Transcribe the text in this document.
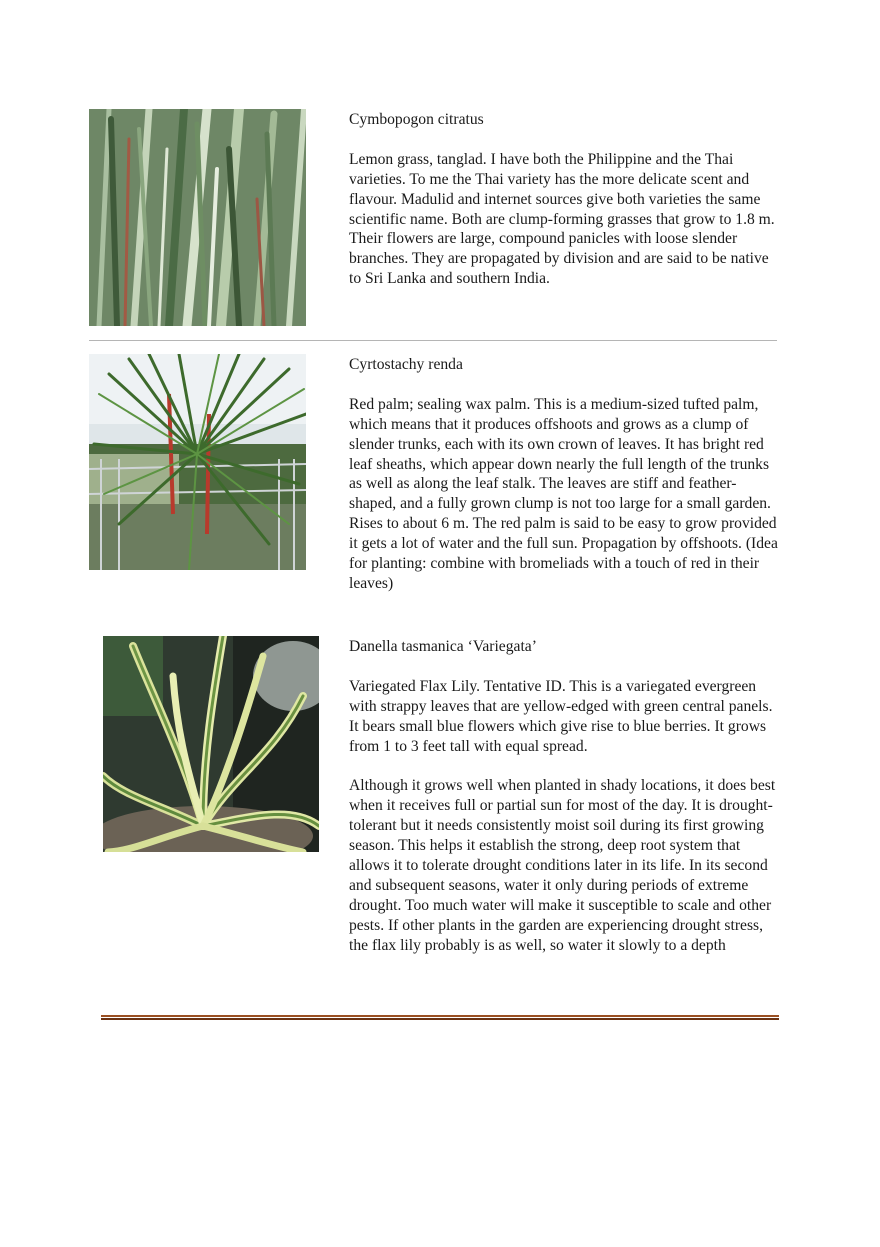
Cymbopogon citratus

Lemon grass, tanglad. I have both the Philippine and the Thai varieties. To me the Thai variety has the more delicate scent and flavour. Madulid and internet sources give both varieties the same scientific name. Both are clump-forming grasses that grow to 1.8 m. Their flowers are large, compound panicles with loose slender branches. They are propagated by division and are said to be native to Sri Lanka and southern India.

Cyrtostachy renda

Red palm; sealing wax palm. This is a medium-sized tufted palm, which means that it produces offshoots and grows as a clump of slender trunks, each with its own crown of leaves. It has bright red leaf sheaths, which appear down nearly the full length of the trunks as well as along the leaf stalk. The leaves are stiff and feather-shaped, and a fully grown clump is not too large for a small garden. Rises to about 6 m. The red palm is said to be easy to grow provided it gets a lot of water and the full sun. Propagation by offshoots. (Idea for planting: combine with bromeliads with a touch of red in their leaves)

Danella tasmanica ‘Variegata’

Variegated Flax Lily. Tentative ID. This is a variegated evergreen with strappy leaves that are yellow-edged with green central panels. It bears small blue flowers which give rise to blue berries. It grows from 1 to 3 feet tall with equal spread.

Although it grows well when planted in shady locations, it does best when it receives full or partial sun for most of the day. It is drought-tolerant but it needs consistently moist soil during its first growing season. This helps it establish the strong, deep root system that allows it to tolerate drought conditions later in its life. In its second and subsequent seasons, water it only during periods of extreme drought. Too much water will make it susceptible to scale and other pests. If other plants in the garden are experiencing drought stress, the flax lily probably is as well, so water it slowly to a depth
